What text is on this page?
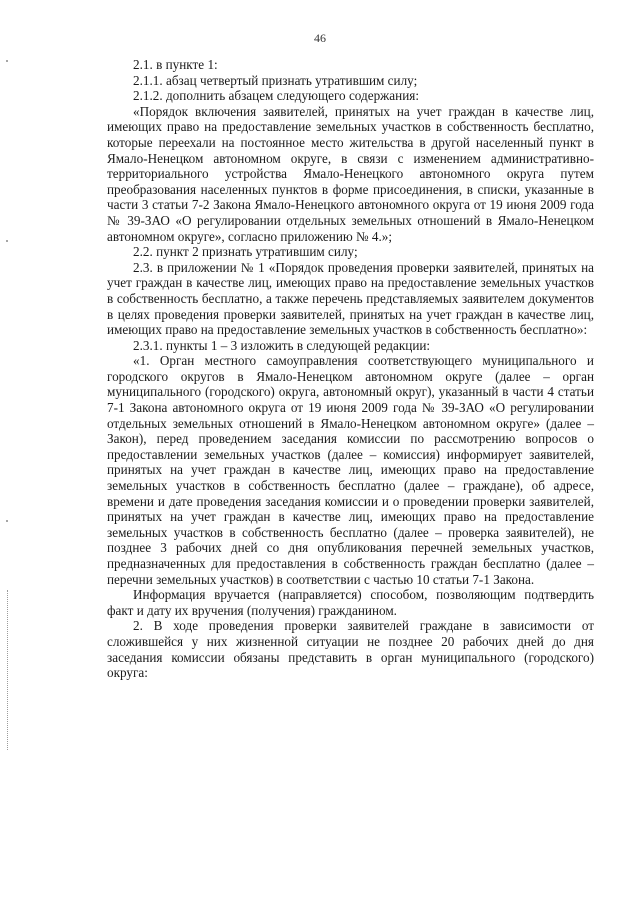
46

2.1. в пункте 1:

2.1.1. абзац четвертый признать утратившим силу;

2.1.2. дополнить абзацем следующего содержания:

«Порядок включения заявителей, принятых на учет граждан в качестве лиц, имеющих право на предоставление земельных участков в собственность бесплатно, которые переехали на постоянное место жительства в другой населенный пункт в Ямало-Ненецком автономном округе, в связи с изменением административно-территориального устройства Ямало-Ненецкого автономного округа путем преобразования населенных пунктов в форме присоединения, в списки, указанные в части 3 статьи 7-2 Закона Ямало-Ненецкого автономного округа от 19 июня 2009 года № 39-ЗАО «О регулировании отдельных земельных отношений в Ямало-Ненецком автономном округе», согласно приложению № 4.»;

2.2. пункт 2 признать утратившим силу;

2.3. в приложении № 1 «Порядок проведения проверки заявителей, принятых на учет граждан в качестве лиц, имеющих право на предоставление земельных участков в собственность бесплатно, а также перечень представляемых заявителем документов в целях проведения проверки заявителей, принятых на учет граждан в качестве лиц, имеющих право на предоставление земельных участков в собственность бесплатно»:

2.3.1. пункты 1 – 3 изложить в следующей редакции:

«1. Орган местного самоуправления соответствующего муниципального и городского округов в Ямало-Ненецком автономном округе (далее – орган муниципального (городского) округа, автономный округ), указанный в части 4 статьи 7-1 Закона автономного округа от 19 июня 2009 года № 39-ЗАО «О регулировании отдельных земельных отношений в Ямало-Ненецком автономном округе» (далее – Закон), перед проведением заседания комиссии по рассмотрению вопросов о предоставлении земельных участков (далее – комиссия) информирует заявителей, принятых на учет граждан в качестве лиц, имеющих право на предоставление земельных участков в собственность бесплатно (далее – граждане), об адресе, времени и дате проведения заседания комиссии и о проведении проверки заявителей, принятых на учет граждан в качестве лиц, имеющих право на предоставление земельных участков в собственность бесплатно (далее – проверка заявителей), не позднее 3 рабочих дней со дня опубликования перечней земельных участков, предназначенных для предоставления в собственность граждан бесплатно (далее – перечни земельных участков) в соответствии с частью 10 статьи 7-1 Закона.

Информация вручается (направляется) способом, позволяющим подтвердить факт и дату их вручения (получения) гражданином.

2. В ходе проведения проверки заявителей граждане в зависимости от сложившейся у них жизненной ситуации не позднее 20 рабочих дней до дня заседания комиссии обязаны представить в орган муниципального (городского) округа:
